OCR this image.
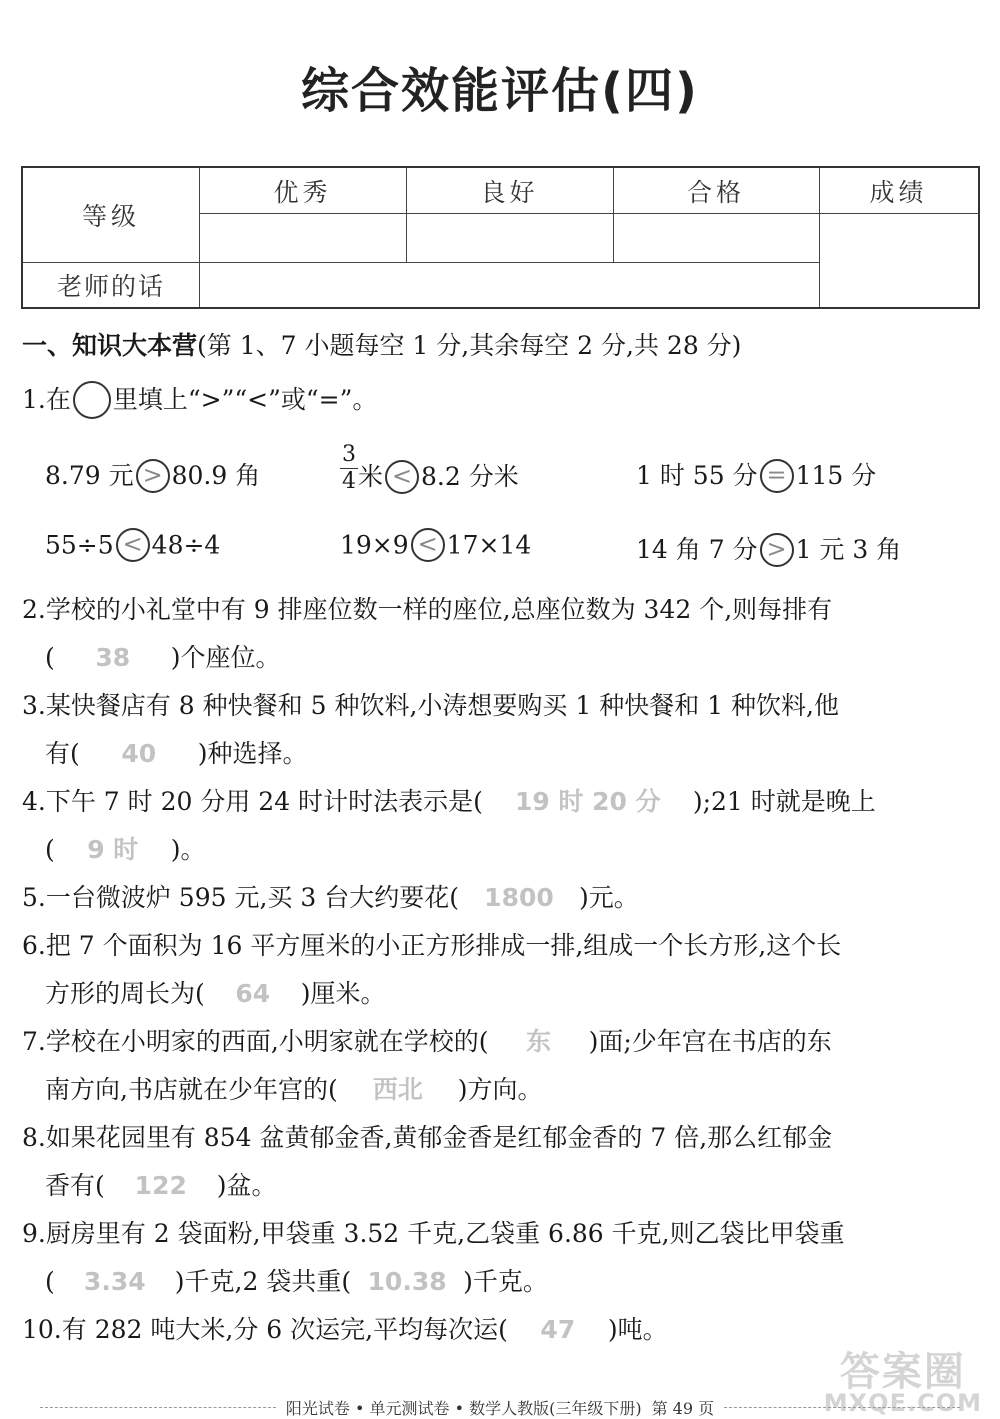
综合效能评估(四)
等级
优秀	良好	合格	成绩
老师的话
一、知识大本营(第 1、7 小题每空 1 分,其余每空 2 分,共 28 分)
1.在 里填上“>”“<”或“=”。
8.79 元 > 80.9 角	$\frac{3}{4}$ 米 < 8.2 分米	1 时 55 分 = 115 分
55÷5 < 48÷4	19×9 < 17×14	14 角 7 分 > 1 元 3 角
2.学校的小礼堂中有 9 排座位数一样的座位,总座位数为 342 个,则每排有
( 38 )个座位。
3.某快餐店有 8 种快餐和 5 种饮料,小涛想要购买 1 种快餐和 1 种饮料,他
有( 40 )种选择。
4.下午 7 时 20 分用 24 时计时法表示是( 19 时 20 分 );21 时就是晚上
( 9 时 )。
5.一台微波炉 595 元,买 3 台大约要花( 1800 )元。
6.把 7 个面积为 16 平方厘米的小正方形排成一排,组成一个长方形,这个长
方形的周长为( 64 )厘米。
7.学校在小明家的西面,小明家就在学校的( 东 )面;少年宫在书店的东
南方向,书店就在少年宫的( 西北 )方向。
8.如果花园里有 854 盆黄郁金香,黄郁金香是红郁金香的 7 倍,那么红郁金
香有( 122 )盆。
9.厨房里有 2 袋面粉,甲袋重 3.52 千克,乙袋重 6.86 千克,则乙袋比甲袋重
( 3.34 )千克,2 袋共重( 10.38 )千克。
10.有 282 吨大米,分 6 次运完,平均每次运( 47 )吨。
答案圈
MXQE.COM
阳光试卷 • 单元测试卷 • 数学人教版(三年级下册) 第 49 页
